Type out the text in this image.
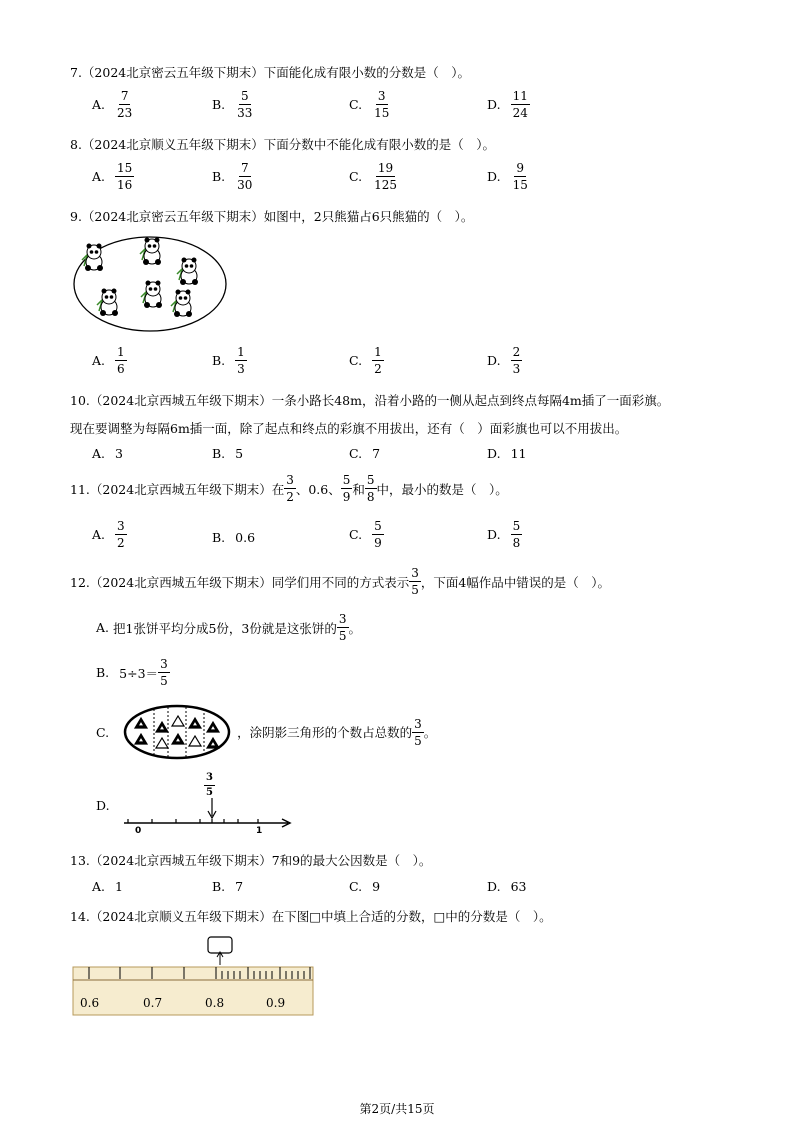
7.（2024北京密云五年级下期末）下面能化成有限小数的分数是（　）。
A. $\frac{7}{23}$	B. $\frac{5}{33}$	C. $\frac{3}{15}$	D. $\frac{11}{24}$
8.（2024北京顺义五年级下期末）下面分数中不能化成有限小数的是（　）。
A. $\frac{15}{16}$	B. $\frac{7}{30}$	C. $\frac{19}{125}$	D. $\frac{9}{15}$
9.（2024北京密云五年级下期末）如图中，2只熊猫占6只熊猫的（　）。
A. $\frac{1}{6}$	B. $\frac{1}{3}$	C. $\frac{1}{2}$	D. $\frac{2}{3}$
10.（2024北京西城五年级下期末）一条小路长48m，沿着小路的一侧从起点到终点每隔4m插了一面彩旗。
现在要调整为每隔6m插一面，除了起点和终点的彩旗不用拔出，还有（　）面彩旗也可以不用拔出。
A. 3	B. 5	C. 7	D. 11
11.（2024北京西城五年级下期末）在 $\frac{3}{2}$ 、0.6、 $\frac{5}{9}$ 和 $\frac{5}{8}$ 中，最小的数是（　）。
A. $\frac{3}{2}$	B. 0.6	C. $\frac{5}{9}$	D. $\frac{5}{8}$
12.（2024北京西城五年级下期末）同学们用不同的方式表示 $\frac{3}{5}$ ，下面4幅作品中错误的是（　）。
A. 把1张饼平均分成5份，3份就是这张饼的 $\frac{3}{5}$ 。
B. $5\div 3= \frac{3}{5}$
C.	，涂阴影三角形的个数占总数的 $\frac{3}{5}$ 。
D.
$\frac{3}{5}$
0	1
13.（2024北京西城五年级下期末）7和9的最大公因数是（　）。
A. 1	B. 7	C. 9	D. 63
14.（2024北京顺义五年级下期末）在下图□中填上合适的分数，□中的分数是（　）。
0.6	0.7	0.8	0.9
第2页/共15页
